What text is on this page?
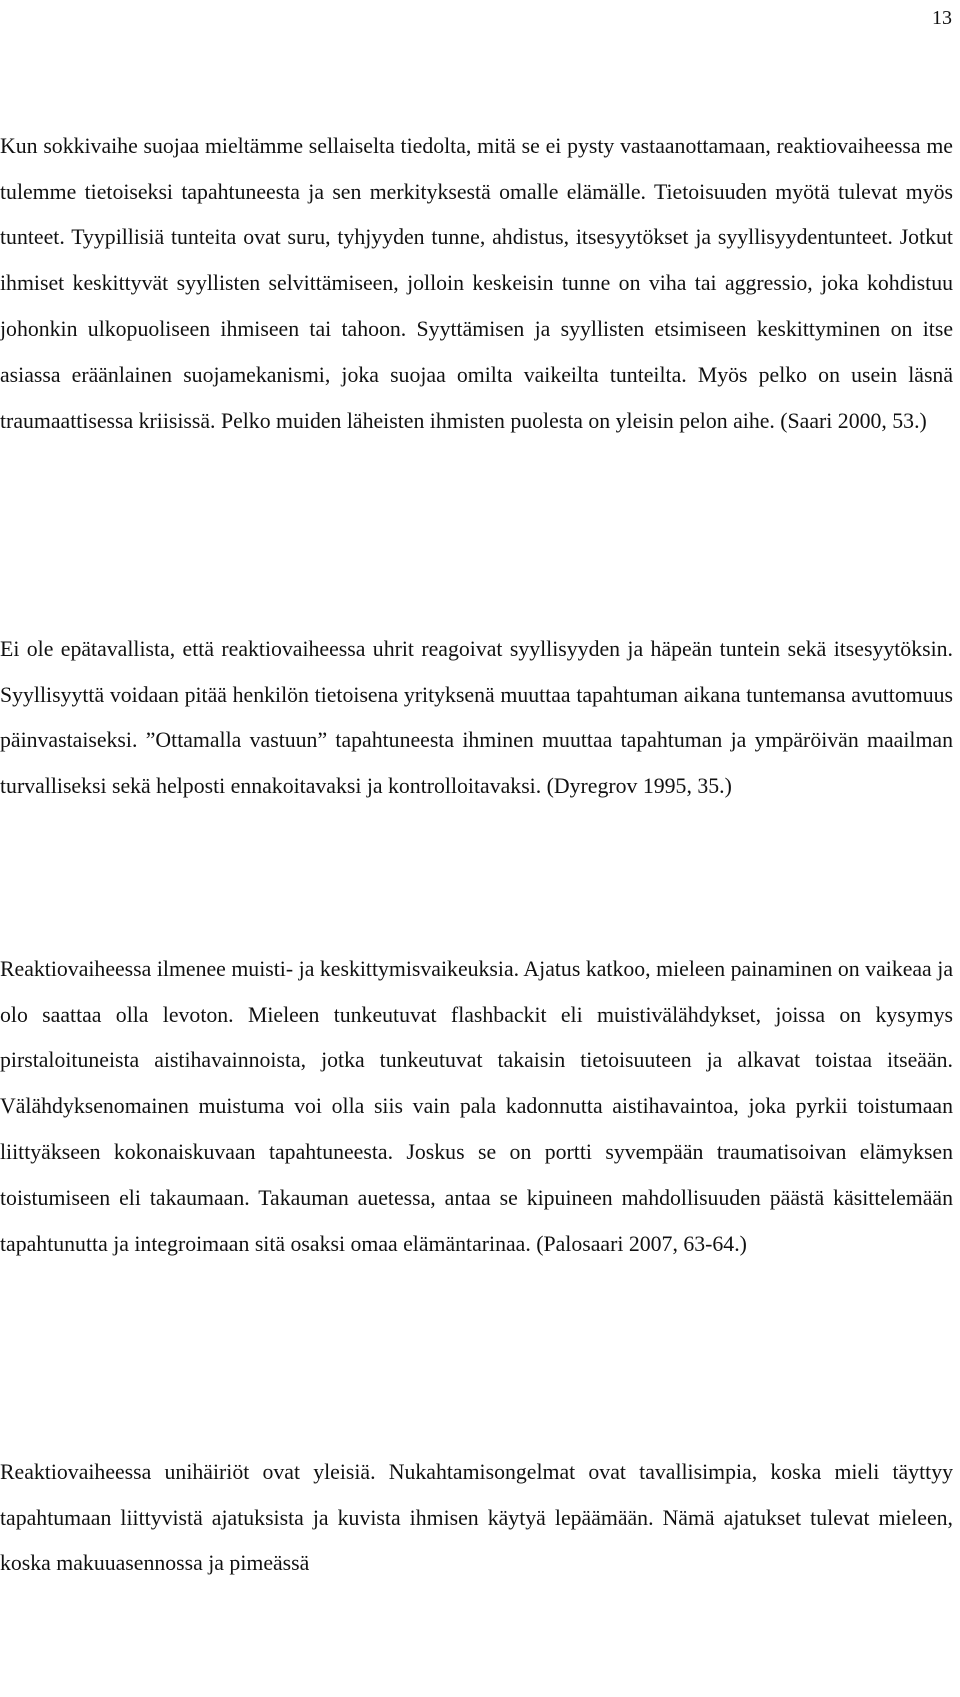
13

Kun sokkivaihe suojaa mieltämme sellaiselta tiedolta, mitä se ei pysty vastaanottamaan, reaktiovaiheessa me tulemme tietoiseksi tapahtuneesta ja sen merkityksestä omalle elämälle. Tietoisuuden myötä tulevat myös tunteet. Tyypillisiä tunteita ovat suru, tyhjyyden tunne, ahdistus, itsesyytökset ja syyllisyydentunteet. Jotkut ihmiset keskittyvät syyllisten selvittämiseen, jolloin keskeisin tunne on viha tai aggressio, joka kohdistuu johonkin ulkopuoliseen ihmiseen tai tahoon. Syyttämisen ja syyllisten etsimiseen keskittyminen on itse asiassa eräänlainen suojamekanismi, joka suojaa omilta vaikeilta tunteilta. Myös pelko on usein läsnä traumaattisessa kriisissä. Pelko muiden läheisten ihmisten puolesta on yleisin pelon aihe. (Saari 2000, 53.)

Ei ole epätavallista, että reaktiovaiheessa uhrit reagoivat syyllisyyden ja häpeän tuntein sekä itsesyytöksin. Syyllisyyttä voidaan pitää henkilön tietoisena yrityksenä muuttaa tapahtuman aikana tuntemansa avuttomuus päinvastaiseksi. ”Ottamalla vastuun” tapahtuneesta ihminen muuttaa tapahtuman ja ympäröivän maailman turvalliseksi sekä helposti ennakoitavaksi ja kontrolloitavaksi. (Dyregrov 1995, 35.)

Reaktiovaiheessa ilmenee muisti- ja keskittymisvaikeuksia. Ajatus katkoo, mieleen painaminen on vaikeaa ja olo saattaa olla levoton. Mieleen tunkeutuvat flashbackit eli muistivälähdykset, joissa on kysymys pirstaloituneista aistihavainnoista, jotka tunkeutuvat takaisin tietoisuuteen ja alkavat toistaa itseään. Välähdyksenomainen muistuma voi olla siis vain pala kadonnutta aistihavaintoa, joka pyrkii toistumaan liittyäkseen kokonaiskuvaan tapahtuneesta. Joskus se on portti syvempään traumatisoivan elämyksen toistumiseen eli takaumaan. Takauman auetessa, antaa se kipuineen mahdollisuuden päästä käsittelemään tapahtunutta ja integroimaan sitä osaksi omaa elämäntarinaa. (Palosaari 2007, 63-64.)

Reaktiovaiheessa unihäiriöt ovat yleisiä. Nukahtamisongelmat ovat tavallisimpia, koska mieli täyttyy tapahtumaan liittyvistä ajatuksista ja kuvista ihmisen käytyä lepäämään. Nämä ajatukset tulevat mieleen, koska makuuasennossa ja pimeässä
